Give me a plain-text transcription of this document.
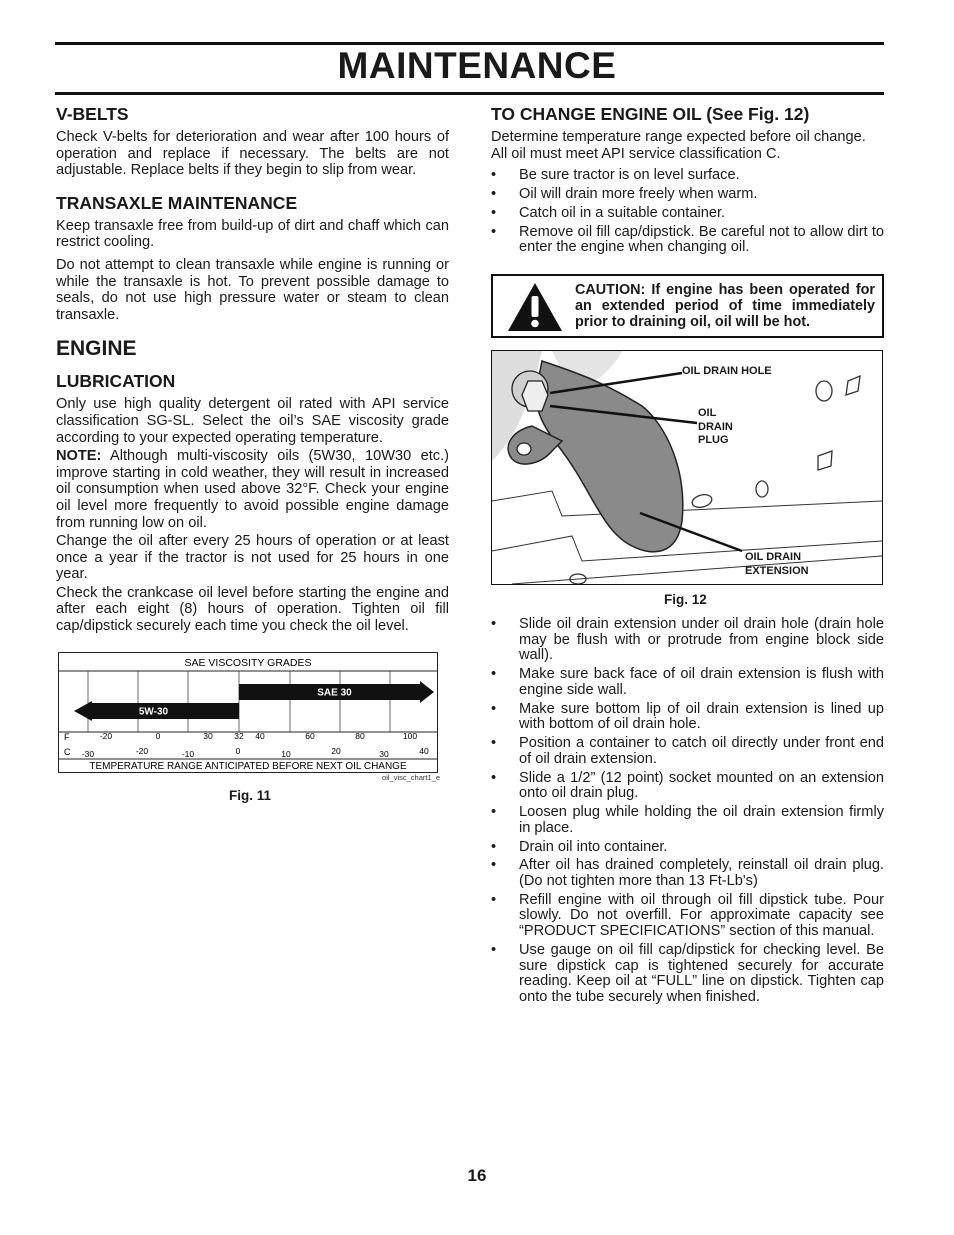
MAINTENANCE
V-BELTS

Check V-belts for deterioration and wear after 100 hours of operation and replace if necessary. The belts are not adjustable. Replace belts if they begin to slip from wear.

TRANSAXLE MAINTENANCE

Keep transaxle free from build-up of dirt and chaff which can restrict cooling.

Do not attempt to clean transaxle while engine is running or while the transaxle is hot. To prevent possible damage to seals, do not use high pressure water or steam to clean transaxle.

ENGINE
LUBRICATION

Only use high quality detergent oil rated with API service classification SG-SL. Select the oil’s SAE viscosity grade according to your expected operating temperature.

NOTE: Although multi-viscosity oils (5W30, 10W30 etc.) improve starting in cold weather, they will result in increased oil consumption when used above 32°F. Check your engine oil level more frequently to avoid possible engine damage from running low on oil.

Change the oil after every 25 hours of operation or at least once a year if the tractor is not used for 25 hours in one year.

Check the crankcase oil level before starting the engine and after each eight (8) hours of operation. Tighten oil fill cap/dipstick securely each time you check the oil level.

SAE VISCOSITY GRADES
5W-30
SAE 30
F
C
-20	0	30	32 40	60	80	100
-30	-20	-10	0	10	20	30	40
TEMPERATURE RANGE ANTICIPATED BEFORE NEXT OIL CHANGE
oil_visc_chart1_e
Fig. 11
TO CHANGE ENGINE OIL (See Fig. 12)

Determine temperature range expected before oil change. All oil must meet API service classification C.

• Be sure tractor is on level surface.
• Oil will drain more freely when warm.
• Catch oil in a suitable container.
• Remove oil fill cap/dipstick. Be careful not to allow dirt to enter the engine when changing oil.
CAUTION: If engine has been operated for an extended period of time immediately prior to draining oil, oil will be hot.
OIL DRAIN HOLE
OIL
DRAIN
PLUG
OIL DRAIN
EXTENSION
Fig. 12
• Slide oil drain extension under oil drain hole (drain hole may be flush with or protrude from engine block side wall).
• Make sure back face of oil drain extension is flush with engine side wall.
• Make sure bottom lip of oil drain extension is lined up with bottom of oil drain hole.
• Position a container to catch oil directly under front end of oil drain extension.
• Slide a 1/2” (12 point) socket mounted on an extension onto oil drain plug.
• Loosen plug while holding the oil drain extension firmly in place.
• Drain oil into container.
• After oil has drained completely, reinstall oil drain plug. (Do not tighten more than 13 Ft-Lb's)
• Refill engine with oil through oil fill dipstick tube. Pour slowly. Do not overfill. For approximate capacity see “PRODUCT SPECIFICATIONS” section of this manual.
• Use gauge on oil fill cap/dipstick for checking level. Be sure dipstick cap is tightened securely for accurate reading. Keep oil at “FULL” line on dipstick. Tighten cap onto the tube securely when finished.
16
